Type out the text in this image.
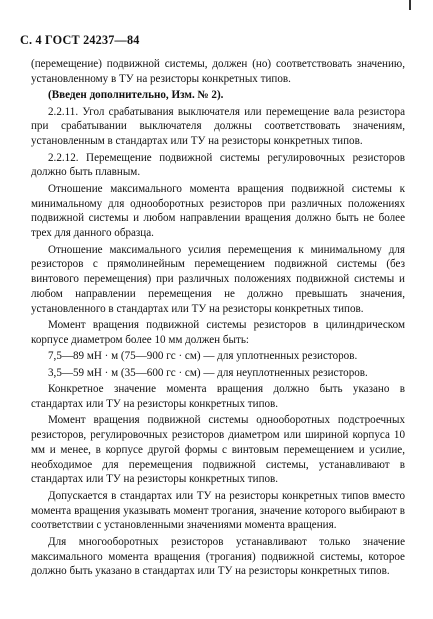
С. 4 ГОСТ 24237—84

(перемещение) подвижной системы, должен (но) соответствовать значению, установленному в ТУ на резисторы конкретных типов.

(Введен дополнительно, Изм. № 2).

2.2.11. Угол срабатывания выключателя или перемещение вала резистора при срабатывании выключателя должны соответствовать значениям, установленным в стандартах или ТУ на резисторы конкретных типов.

2.2.12. Перемещение подвижной системы регулировочных резисторов должно быть плавным.

Отношение максимального момента вращения подвижной системы к минимальному для однооборотных резисторов при различных положениях подвижной системы и любом направлении вращения должно быть не более трех для данного образца.

Отношение максимального усилия перемещения к минимальному для резисторов с прямолинейным перемещением подвижной системы (без винтового перемещения) при различных положениях подвижной системы и любом направлении перемещения не должно превышать значения, установленного в стандартах или ТУ на резисторы конкретных типов.

Момент вращения подвижной системы резисторов в цилиндрическом корпусе диаметром более 10 мм должен быть:

7,5—89 мН · м (75—900 гс · см) — для уплотненных резисторов.

3,5—59 мН · м (35—600 гс · см) — для неуплотненных резисторов.

Конкретное значение момента вращения должно быть указано в стандартах или ТУ на резисторы конкретных типов.

Момент вращения подвижной системы однооборотных подстроечных резисторов, регулировочных резисторов диаметром или шириной корпуса 10 мм и менее, в корпусе другой формы с винтовым перемещением и усилие, необходимое для перемещения подвижной системы, устанавливают в стандартах или ТУ на резисторы конкретных типов.

Допускается в стандартах или ТУ на резисторы конкретных типов вместо момента вращения указывать момент трогания, значение которого выбирают в соответствии с установленными значениями момента вращения.

Для многооборотных резисторов устанавливают только значение максимального момента вращения (трогания) подвижной системы, которое должно быть указано в стандартах или ТУ на резисторы конкретных типов.
